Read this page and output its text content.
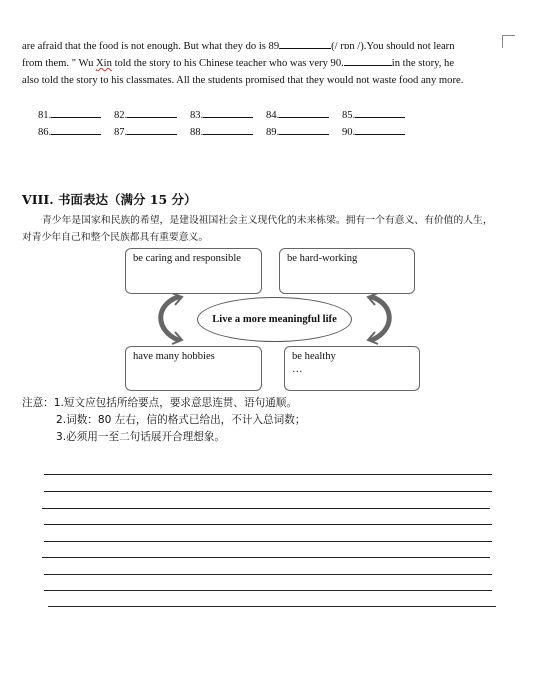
are afraid that the food is not enough. But what they do is 89	(/ rɒn /).You should not learn

from them. " Wu Xin told the story to his Chinese teacher who was very 90.	in the story, he

also told the story to his classmates. All the students promised that they would not waste food any more.

81.	82.	83.	84.	85.
86.	87.	88.	89.	90.
VIII. 书面表达（满分 15 分）
青少年是国家和民族的希望，是建设祖国社会主义现代化的未来栋梁。拥有一个有意义、有价值的人生，对青少年自己和整个民族都具有重要意义。
be caring and responsible	be hard-working
Live a more meaningful life
have many hobbies	be healthy
…
注意：1.短文应包括所给要点，要求意思连贯、语句通顺。
2.词数：80 左右，信的格式已给出，不计入总词数；
3.必须用一至二句话展开合理想象。
